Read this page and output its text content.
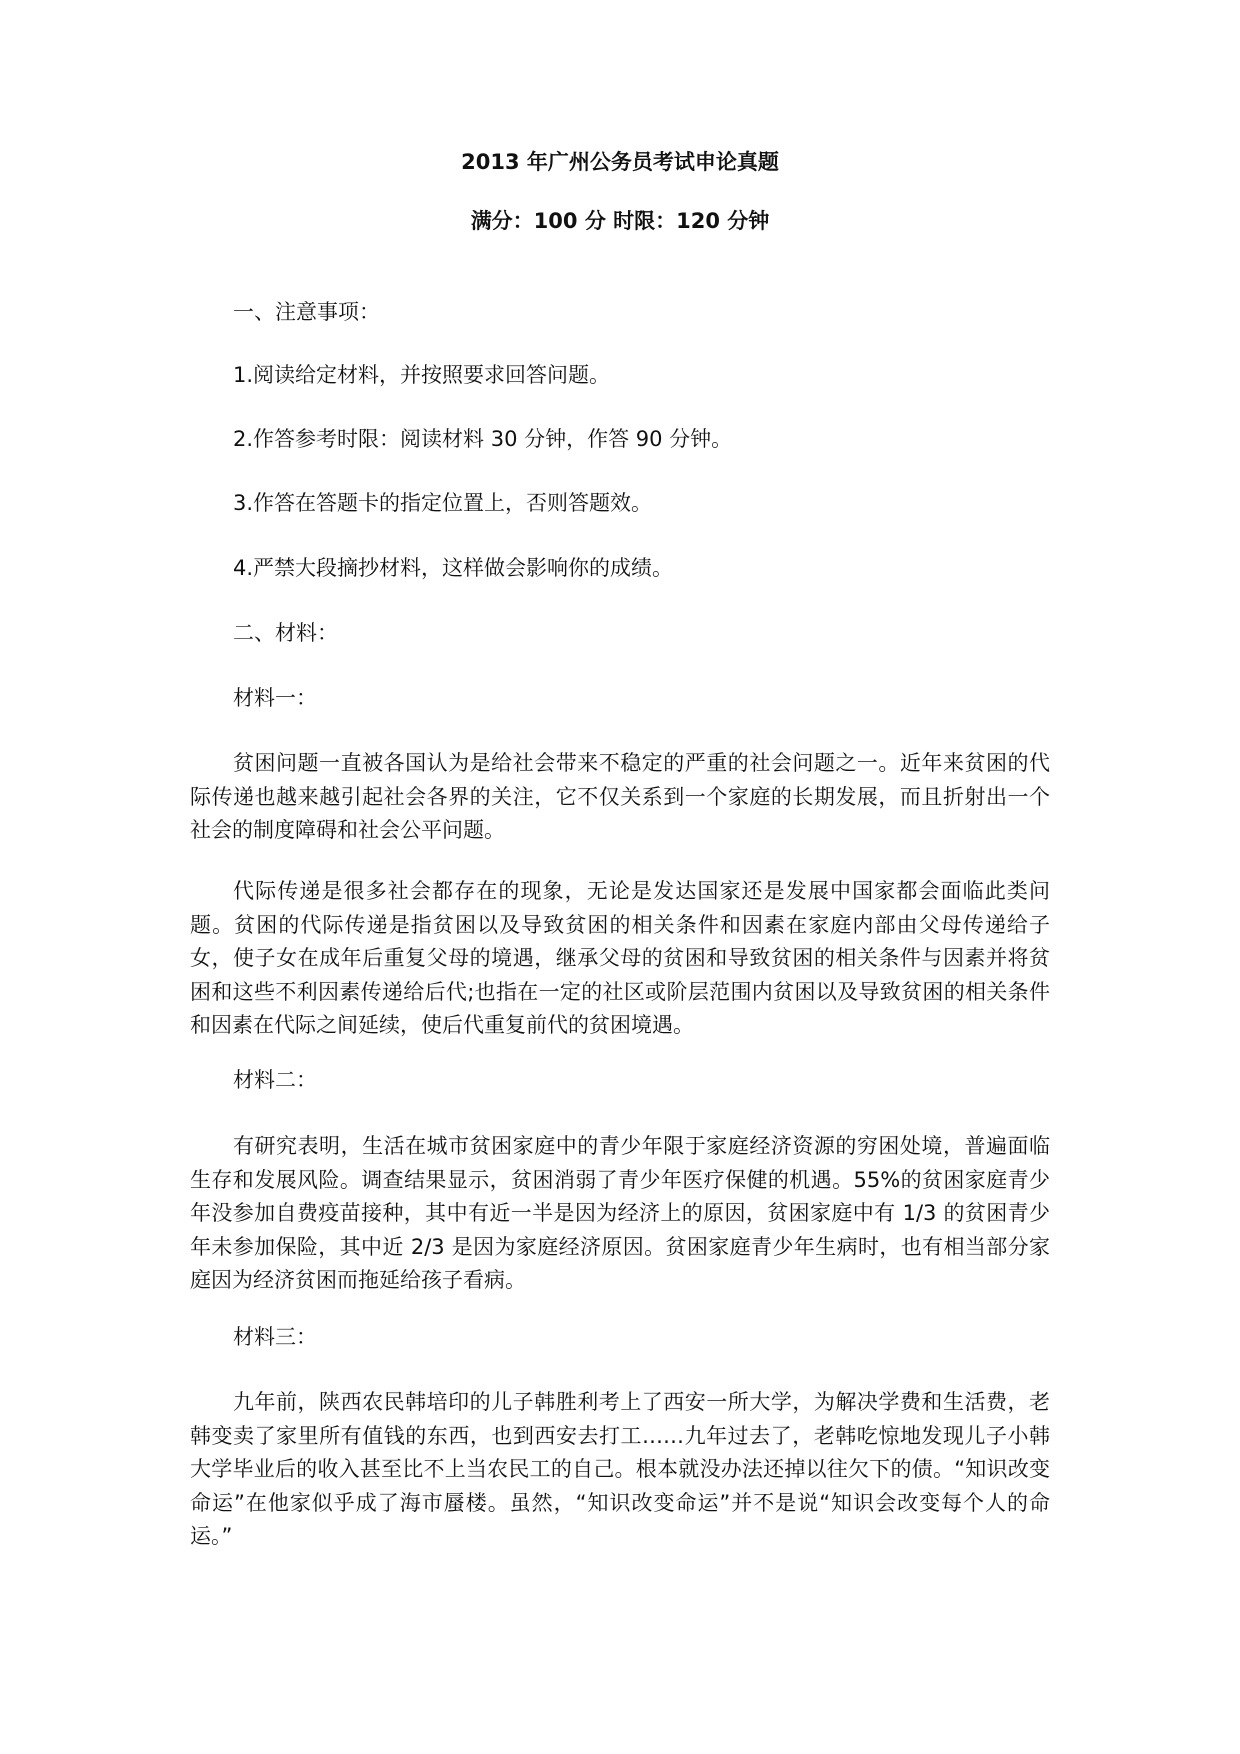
2013 年广州公务员考试申论真题
满分：100 分 时限：120 分钟
一、注意事项：
1.阅读给定材料，并按照要求回答问题。
2.作答参考时限：阅读材料 30 分钟，作答 90 分钟。
3.作答在答题卡的指定位置上，否则答题效。
4.严禁大段摘抄材料，这样做会影响你的成绩。
二、材料：
材料一：
贫困问题一直被各国认为是给社会带来不稳定的严重的社会问题之一。近年来贫困的代际传递也越来越引起社会各界的关注，它不仅关系到一个家庭的长期发展，而且折射出一个社会的制度障碍和社会公平问题。
代际传递是很多社会都存在的现象，无论是发达国家还是发展中国家都会面临此类问题。贫困的代际传递是指贫困以及导致贫困的相关条件和因素在家庭内部由父母传递给子女，使子女在成年后重复父母的境遇，继承父母的贫困和导致贫困的相关条件与因素并将贫困和这些不利因素传递给后代;也指在一定的社区或阶层范围内贫困以及导致贫困的相关条件和因素在代际之间延续，使后代重复前代的贫困境遇。
材料二：
有研究表明，生活在城市贫困家庭中的青少年限于家庭经济资源的穷困处境，普遍面临生存和发展风险。调查结果显示，贫困消弱了青少年医疗保健的机遇。55%的贫困家庭青少年没参加自费疫苗接种，其中有近一半是因为经济上的原因，贫困家庭中有 1/3 的贫困青少年未参加保险，其中近 2/3 是因为家庭经济原因。贫困家庭青少年生病时，也有相当部分家庭因为经济贫困而拖延给孩子看病。
材料三：
九年前，陕西农民韩培印的儿子韩胜利考上了西安一所大学，为解决学费和生活费，老韩变卖了家里所有值钱的东西，也到西安去打工……九年过去了，老韩吃惊地发现儿子小韩大学毕业后的收入甚至比不上当农民工的自己。根本就没办法还掉以往欠下的债。“知识改变命运”在他家似乎成了海市蜃楼。虽然，“知识改变命运”并不是说“知识会改变每个人的命运。”
